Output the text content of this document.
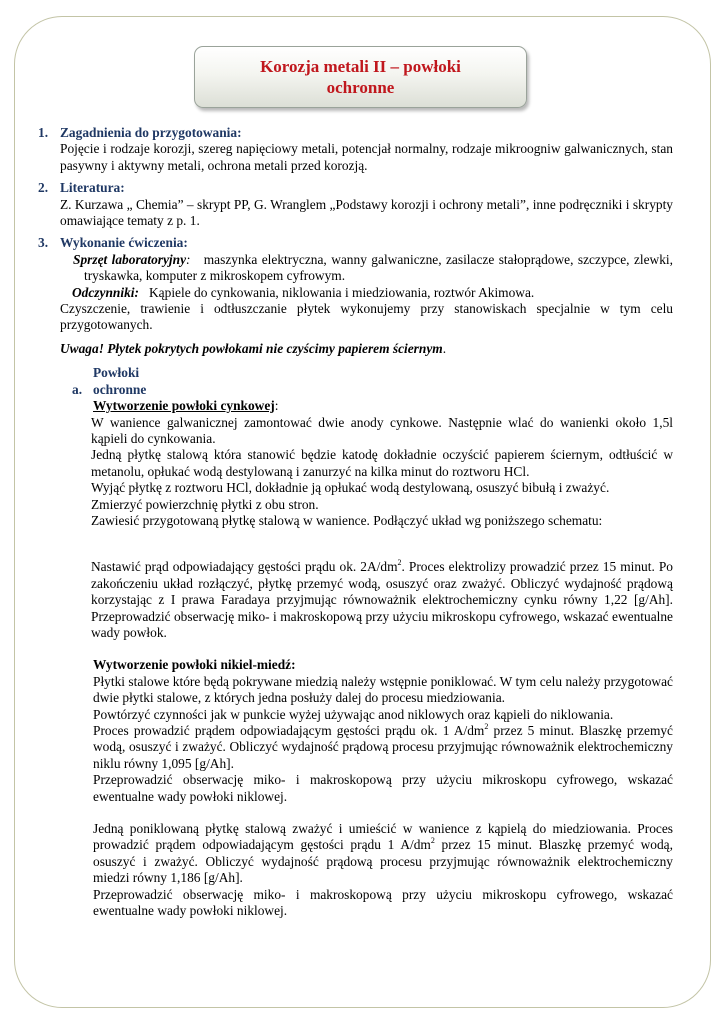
Korozja metali II – powłoki
ochronne
1. Zagadnienia do przygotowania:

Pojęcie i rodzaje korozji, szereg napięciowy metali, potencjał normalny, rodzaje mikroogniw galwanicznych, stan pasywny i aktywny metali, ochrona metali przed korozją.

2. Literatura:

Z. Kurzawa „ Chemia” – skrypt PP, G. Wranglem „Podstawy korozji i ochrony metali”, inne podręczniki i skrypty omawiające tematy z p. 1.

3. Wykonanie ćwiczenia:

Sprzęt laboratoryjny: maszynka elektryczna, wanny galwaniczne, zasilacze stałoprądowe, szczypce, zlewki, tryskawka, komputer z mikroskopem cyfrowym.

Odczynniki: Kąpiele do cynkowania, niklowania i miedziowania, roztwór Akimowa.

Czyszczenie, trawienie i odtłuszczanie płytek wykonujemy przy stanowiskach specjalnie w tym celu przygotowanych.

Uwaga! Płytek pokrytych powłokami nie czyścimy papierem ściernym.

a.Powłoki ochronne
Wytworzenie powłoki cynkowej:

W wanience galwanicznej zamontować dwie anody cynkowe. Następnie wlać do wanienki około 1,5l kąpieli do cynkowania.

Jedną płytkę stalową która stanowić będzie katodę dokładnie oczyścić papierem ściernym, odtłuścić w metanolu, opłukać wodą destylowaną i zanurzyć na kilka minut do roztworu HCl.

Wyjąć płytkę z roztworu HCl, dokładnie ją opłukać wodą destylowaną, osuszyć bibułą i zważyć.

Zmierzyć powierzchnię płytki z obu stron.

Zawiesić przygotowaną płytkę stalową w wanience. Podłączyć układ wg poniższego schematu:

Nastawić prąd odpowiadający gęstości prądu ok. $2A/dm^2$. Proces elektrolizy prowadzić przez 15 minut. Po zakończeniu układ rozłączyć, płytkę przemyć wodą, osuszyć oraz zważyć. Obliczyć wydajność prądową korzystając z I prawa Faradaya przyjmując równoważnik elektrochemiczny cynku równy 1,22 [g/Ah]. Przeprowadzić obserwację miko- i makroskopową przy użyciu mikroskopu cyfrowego, wskazać ewentualne wady powłok.

Wytworzenie powłoki nikiel-miedź:

Płytki stalowe które będą pokrywane miedzią należy wstępnie poniklować. W tym celu należy przygotować dwie płytki stalowe, z których jedna posłuży dalej do procesu miedziowania.

Powtórzyć czynności jak w punkcie wyżej używając anod niklowych oraz kąpieli do niklowania.

Proces prowadzić prądem odpowiadającym gęstości prądu ok. 1 $A/dm^2$ przez 5 minut. Blaszkę przemyć wodą, osuszyć i zważyć. Obliczyć wydajność prądową procesu przyjmując równoważnik elektrochemiczny niklu równy 1,095 [g/Ah].

Przeprowadzić obserwację miko- i makroskopową przy użyciu mikroskopu cyfrowego, wskazać ewentualne wady powłoki niklowej.

Jedną poniklowaną płytkę stalową zważyć i umieścić w wanience z kąpielą do miedziowania. Proces prowadzić prądem odpowiadającym gęstości prądu 1 $A/dm^2$ przez 15 minut. Blaszkę przemyć wodą, osuszyć i zważyć. Obliczyć wydajność prądową procesu przyjmując równoważnik elektrochemiczny miedzi równy 1,186 [g/Ah].

Przeprowadzić obserwację miko- i makroskopową przy użyciu mikroskopu cyfrowego, wskazać ewentualne wady powłoki niklowej.
